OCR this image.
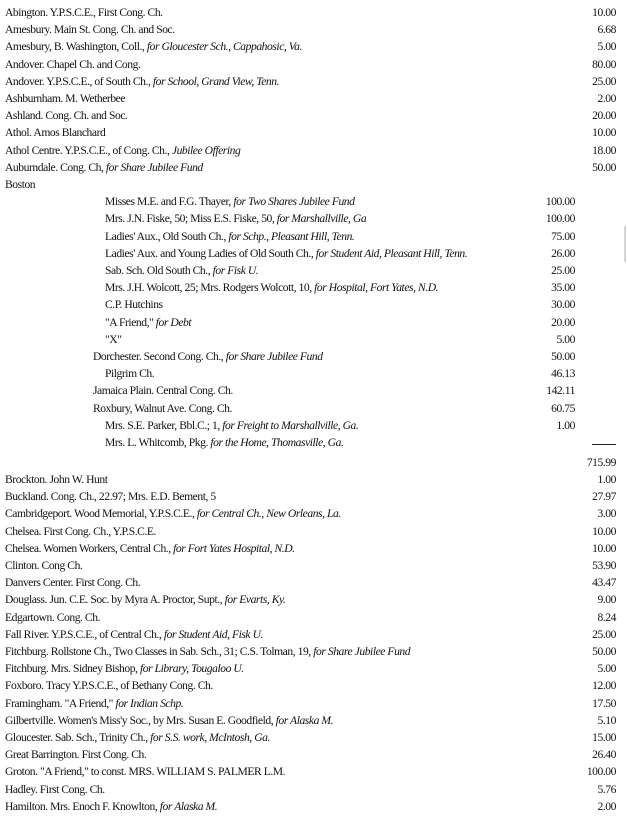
Abington. Y.P.S.C.E., First Cong. Ch.	10.00
Amesbury. Main St. Cong. Ch. and Soc.	6.68
Amesbury, B. Washington, Coll., for Gloucester Sch., Cappahosic, Va.	5.00
Andover. Chapel Ch. and Cong.	80.00
Andover. Y.P.S.C.E., of South Ch., for School, Grand View, Tenn.	25.00
Ashburnham. M. Wetherbee	2.00
Ashland. Cong. Ch. and Soc.	20.00
Athol. Amos Blanchard	10.00
Athol Centre. Y.P.S.C.E., of Cong. Ch., Jubilee Offering	18.00
Auburndale. Cong. Ch, for Share Jubilee Fund	50.00
Boston
Misses M.E. and F.G. Thayer, for Two Shares Jubilee Fund	100.00
Mrs. J.N. Fiske, 50; Miss E.S. Fiske, 50, for Marshallville, Ga	100.00
Ladies' Aux., Old South Ch., for Schp., Pleasant Hill, Tenn.	75.00
Ladies' Aux. and Young Ladies of Old South Ch., for Student Aid, Pleasant Hill, Tenn.	26.00
Sab. Sch. Old South Ch., for Fisk U.	25.00
Mrs. J.H. Wolcott, 25; Mrs. Rodgers Wolcott, 10, for Hospital, Fort Yates, N.D.	35.00
C.P. Hutchins	30.00
"A Friend," for Debt	20.00
"X"	5.00
Dorchester. Second Cong. Ch., for Share Jubilee Fund	50.00
Pilgrim Ch.	46.13
Jamaica Plain. Central Cong. Ch.	142.11
Roxbury, Walnut Ave. Cong. Ch.	60.75
Mrs. S.E. Parker, Bbl.C.; 1, for Freight to Marshallville, Ga.	1.00
Mrs. L. Whitcomb, Pkg. for the Home, Thomasville, Ga.
715.99
Brockton. John W. Hunt	1.00
Buckland. Cong. Ch., 22.97; Mrs. E.D. Bement, 5	27.97
Cambridgeport. Wood Memorial, Y.P.S.C.E., for Central Ch., New Orleans, La.	3.00
Chelsea. First Cong. Ch., Y.P.S.C.E.	10.00
Chelsea. Women Workers, Central Ch., for Fort Yates Hospital, N.D.	10.00
Clinton. Cong Ch.	53.90
Danvers Center. First Cong. Ch.	43.47
Douglass. Jun. C.E. Soc. by Myra A. Proctor, Supt., for Evarts, Ky.	9.00
Edgartown. Cong. Ch.	8.24
Fall River. Y.P.S.C.E., of Central Ch., for Student Aid, Fisk U.	25.00
Fitchburg. Rollstone Ch., Two Classes in Sab. Sch., 31; C.S. Tolman, 19, for Share Jubilee Fund	50.00
Fitchburg. Mrs. Sidney Bishop, for Library, Tougaloo U.	5.00
Foxboro. Tracy Y.P.S.C.E., of Bethany Cong. Ch.	12.00
Framingham. "A Friend," for Indian Schp.	17.50
Gilbertville. Women's Miss'y Soc., by Mrs. Susan E. Goodfield, for Alaska M.	5.10
Gloucester. Sab. Sch., Trinity Ch., for S.S. work, McIntosh, Ga.	15.00
Great Barrington. First Cong. Ch.	26.40
Groton. "A Friend," to const. MRS. WILLIAM S. PALMER L.M.	100.00
Hadley. First Cong. Ch.	5.76
Hamilton. Mrs. Enoch F. Knowlton, for Alaska M.	2.00
